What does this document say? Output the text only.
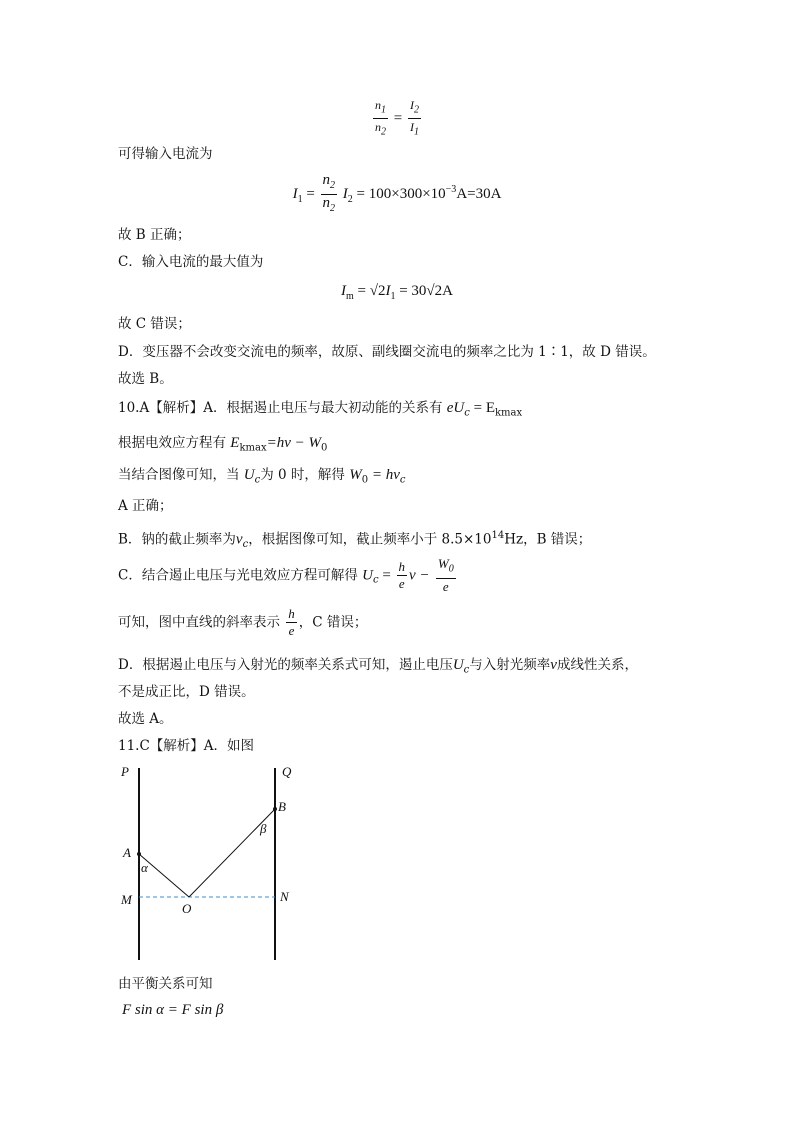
$\frac{n_1}{n_2} = \frac{I_2}{I_1}$
可得输入电流为
$I_1 = \frac{n_2}{n_2} I_2 = 100\times 300\times 10^{-3}A=30A$
故 B 正确；
C．输入电流的最大值为
$I_m = √2I_1 = 30√2A$
故 C 错误；
D．变压器不会改变交流电的频率，故原、副线圈交流电的频率之比为 1∶1，故 D 错误。
故选 B。
10.A【解析】A．根据遏止电压与最大初动能的关系有 $eU_c = E_{kmax}$
根据电效应方程有 $E_{kmax}=h\nu - W_0$
当结合图像可知，当 $U_c$为 0 时，解得 $W_0 = h\nu_c$
A 正确；
B．钠的截止频率为$\nu_c$，根据图像可知，截止频率小于 $8.5\times 10^{14}Hz$，B 错误；
C．结合遏止电压与光电效应方程可解得 $U_c = \frac{h}{e}$ $\nu - \frac{W_0}{e}$
可知，图中直线的斜率表示 $\frac{h}{e}$ ，C 错误；
D．根据遏止电压与入射光的频率关系式可知，遏止电压$U_c$与入射光频率ν成线性关系，
不是成正比，D 错误。
故选 A。
11.C【解析】A．如图
P	Q
A
B
M	N
O
α
β
由平衡关系可知
F sin α = F sin β
